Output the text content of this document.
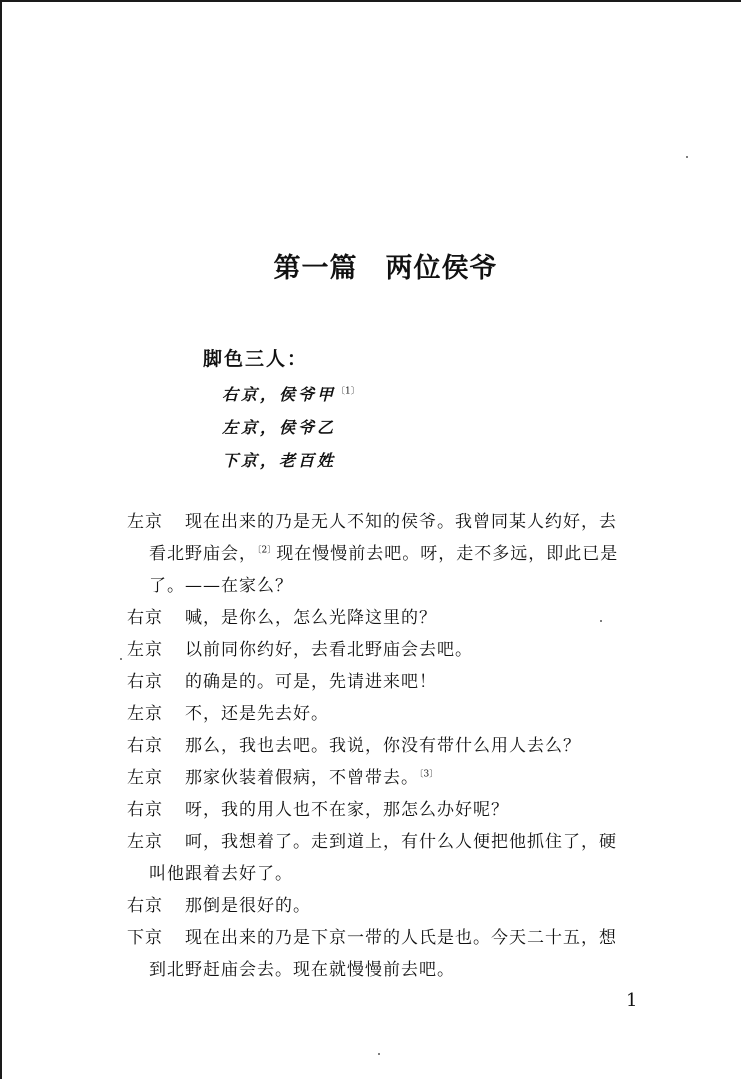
第一篇　两位侯爷
脚色三人：
右京，侯爷甲$^{〔1〕}$
左京，侯爷乙
下京，老百姓
左京 现在出来的乃是无人不知的侯爷。我曾同某人约好，去
看北野庙会，$^{〔2〕}$现在慢慢前去吧。呀，走不多远，即此已是
了。——在家么？
右京 喊，是你么，怎么光降这里的？
左京 以前同你约好，去看北野庙会去吧。
右京 的确是的。可是，先请进来吧！
左京 不，还是先去好。
右京 那么，我也去吧。我说，你没有带什么用人去么？
左京 那家伙装着假病，不曾带去。$^{〔3〕}$
右京 呀，我的用人也不在家，那怎么办好呢？
左京 呵，我想着了。走到道上，有什么人便把他抓住了，硬
叫他跟着去好了。
右京 那倒是很好的。
下京 现在出来的乃是下京一带的人氏是也。今天二十五，想
到北野赶庙会去。现在就慢慢前去吧。
1
